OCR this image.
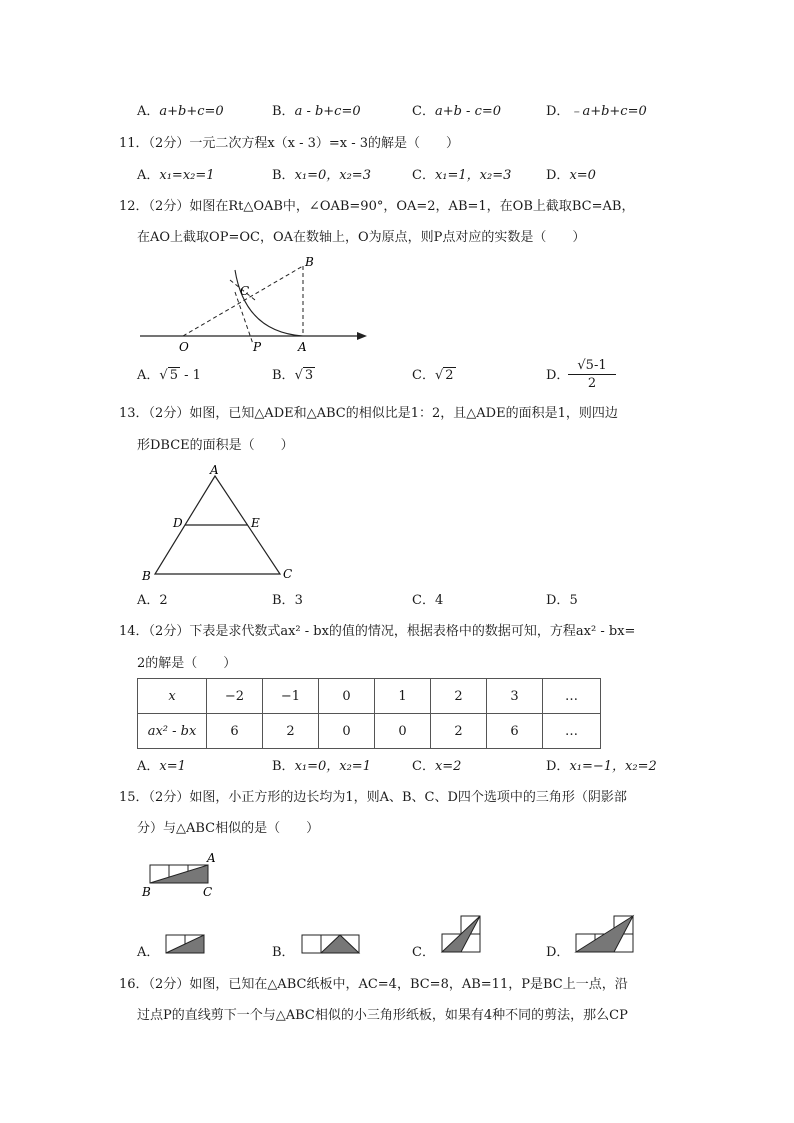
A．a+b+c=0	B．a - b+c=0	C．a+b - c=0	D．﹣a+b+c=0
11．（2分）一元二次方程x（x - 3）=x - 3的解是（　　）
A．x₁=x₂=1	B．x₁=0，x₂=3	C．x₁=1，x₂=3	D．x=0
12．（2分）如图在Rt△OAB中，∠OAB=90°，OA=2，AB=1，在OB上截取BC=AB，
在AO上截取OP=OC，OA在数轴上，O为原点，则P点对应的实数是（　　）
B
C
O	P	A
A．√ 5 - 1	B．√ 3	C．√ 2	D．
$\frac{√5-1}{2}$
13．（2分）如图，已知△ADE和△ABC的相似比是1：2，且△ADE的面积是1，则四边
形DBCE的面积是（　　）
A
D	E
B	C
A．2	B．3	C．4	D．5
14．（2分）下表是求代数式ax² - bx的值的情况，根据表格中的数据可知，方程ax² - bx=
2的解是（　　）
x	−2	−1	0	1	2	3	…
ax² - bx	6	2	0	0	2	6	…
A．x=1	B．x₁=0，x₂=1	C．x=2	D．x₁=−1，x₂=2
15．（2分）如图，小正方形的边长均为1，则A、B、C、D四个选项中的三角形（阴影部
分）与△ABC相似的是（　　）
A
B	C
A．	B．	C．	D．
16．（2分）如图，已知在△ABC纸板中，AC=4，BC=8，AB=11，P是BC上一点，沿
过点P的直线剪下一个与△ABC相似的小三角形纸板，如果有4种不同的剪法，那么CP
